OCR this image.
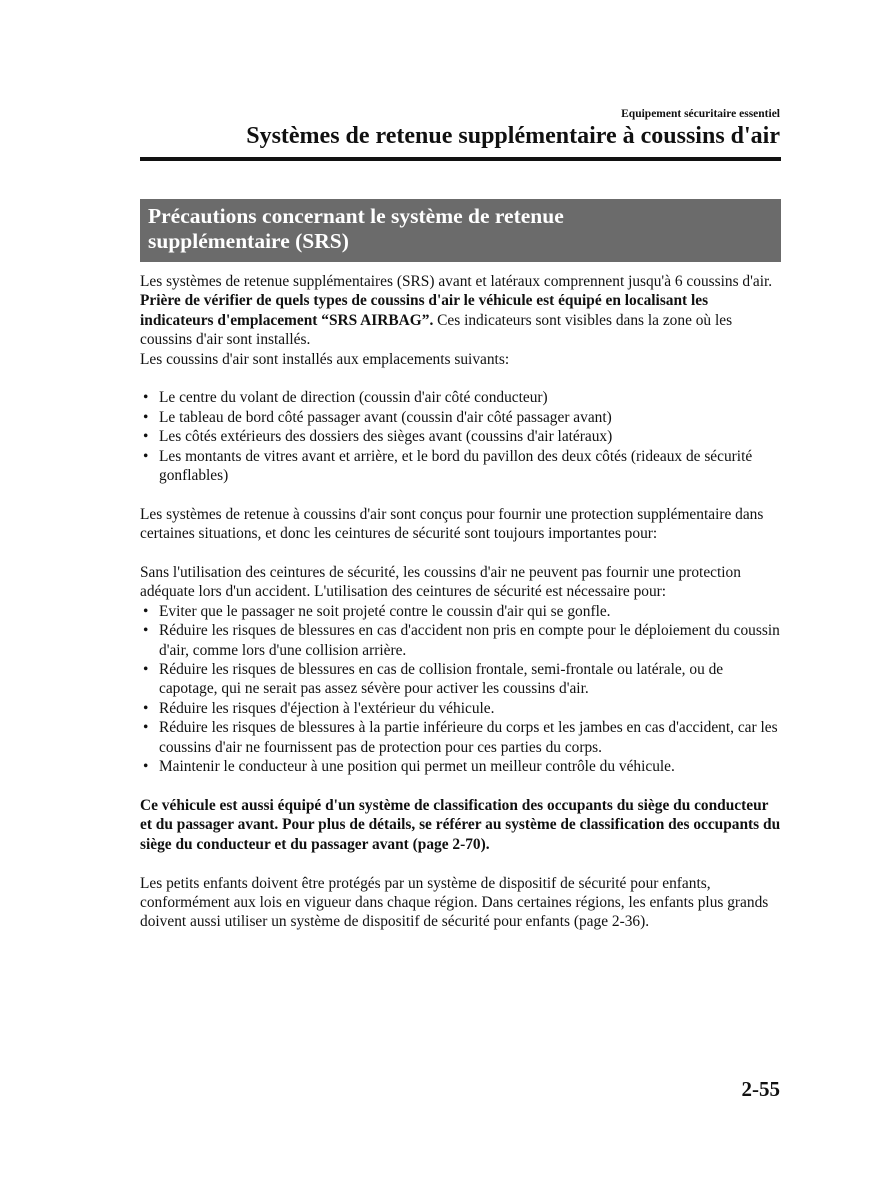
Equipement sécuritaire essentiel
Systèmes de retenue supplémentaire à coussins d'air
Précautions concernant le système de retenue
supplémentaire (SRS)

Les systèmes de retenue supplémentaires (SRS) avant et latéraux comprennent jusqu'à 6 coussins d'air. Prière de vérifier de quels types de coussins d'air le véhicule est équipé en localisant les indicateurs d'emplacement “SRS AIRBAG”. Ces indicateurs sont visibles dans la zone où les coussins d'air sont installés.

Les coussins d'air sont installés aux emplacements suivants:

• Le centre du volant de direction (coussin d'air côté conducteur)
• Le tableau de bord côté passager avant (coussin d'air côté passager avant)
• Les côtés extérieurs des dossiers des sièges avant (coussins d'air latéraux)
• Les montants de vitres avant et arrière, et le bord du pavillon des deux côtés (rideaux de sécurité gonflables)

Les systèmes de retenue à coussins d'air sont conçus pour fournir une protection supplémentaire dans certaines situations, et donc les ceintures de sécurité sont toujours importantes pour:

Sans l'utilisation des ceintures de sécurité, les coussins d'air ne peuvent pas fournir une protection adéquate lors d'un accident. L'utilisation des ceintures de sécurité est nécessaire pour:

• Eviter que le passager ne soit projeté contre le coussin d'air qui se gonfle.
• Réduire les risques de blessures en cas d'accident non pris en compte pour le déploiement du coussin d'air, comme lors d'une collision arrière.
• Réduire les risques de blessures en cas de collision frontale, semi-frontale ou latérale, ou de capotage, qui ne serait pas assez sévère pour activer les coussins d'air.
• Réduire les risques d'éjection à l'extérieur du véhicule.
• Réduire les risques de blessures à la partie inférieure du corps et les jambes en cas d'accident, car les coussins d'air ne fournissent pas de protection pour ces parties du corps.
• Maintenir le conducteur à une position qui permet un meilleur contrôle du véhicule.

Ce véhicule est aussi équipé d'un système de classification des occupants du siège du conducteur et du passager avant. Pour plus de détails, se référer au système de classification des occupants du siège du conducteur et du passager avant (page 2-70).

Les petits enfants doivent être protégés par un système de dispositif de sécurité pour enfants, conformément aux lois en vigueur dans chaque région. Dans certaines régions, les enfants plus grands doivent aussi utiliser un système de dispositif de sécurité pour enfants (page 2-36).

2-55
